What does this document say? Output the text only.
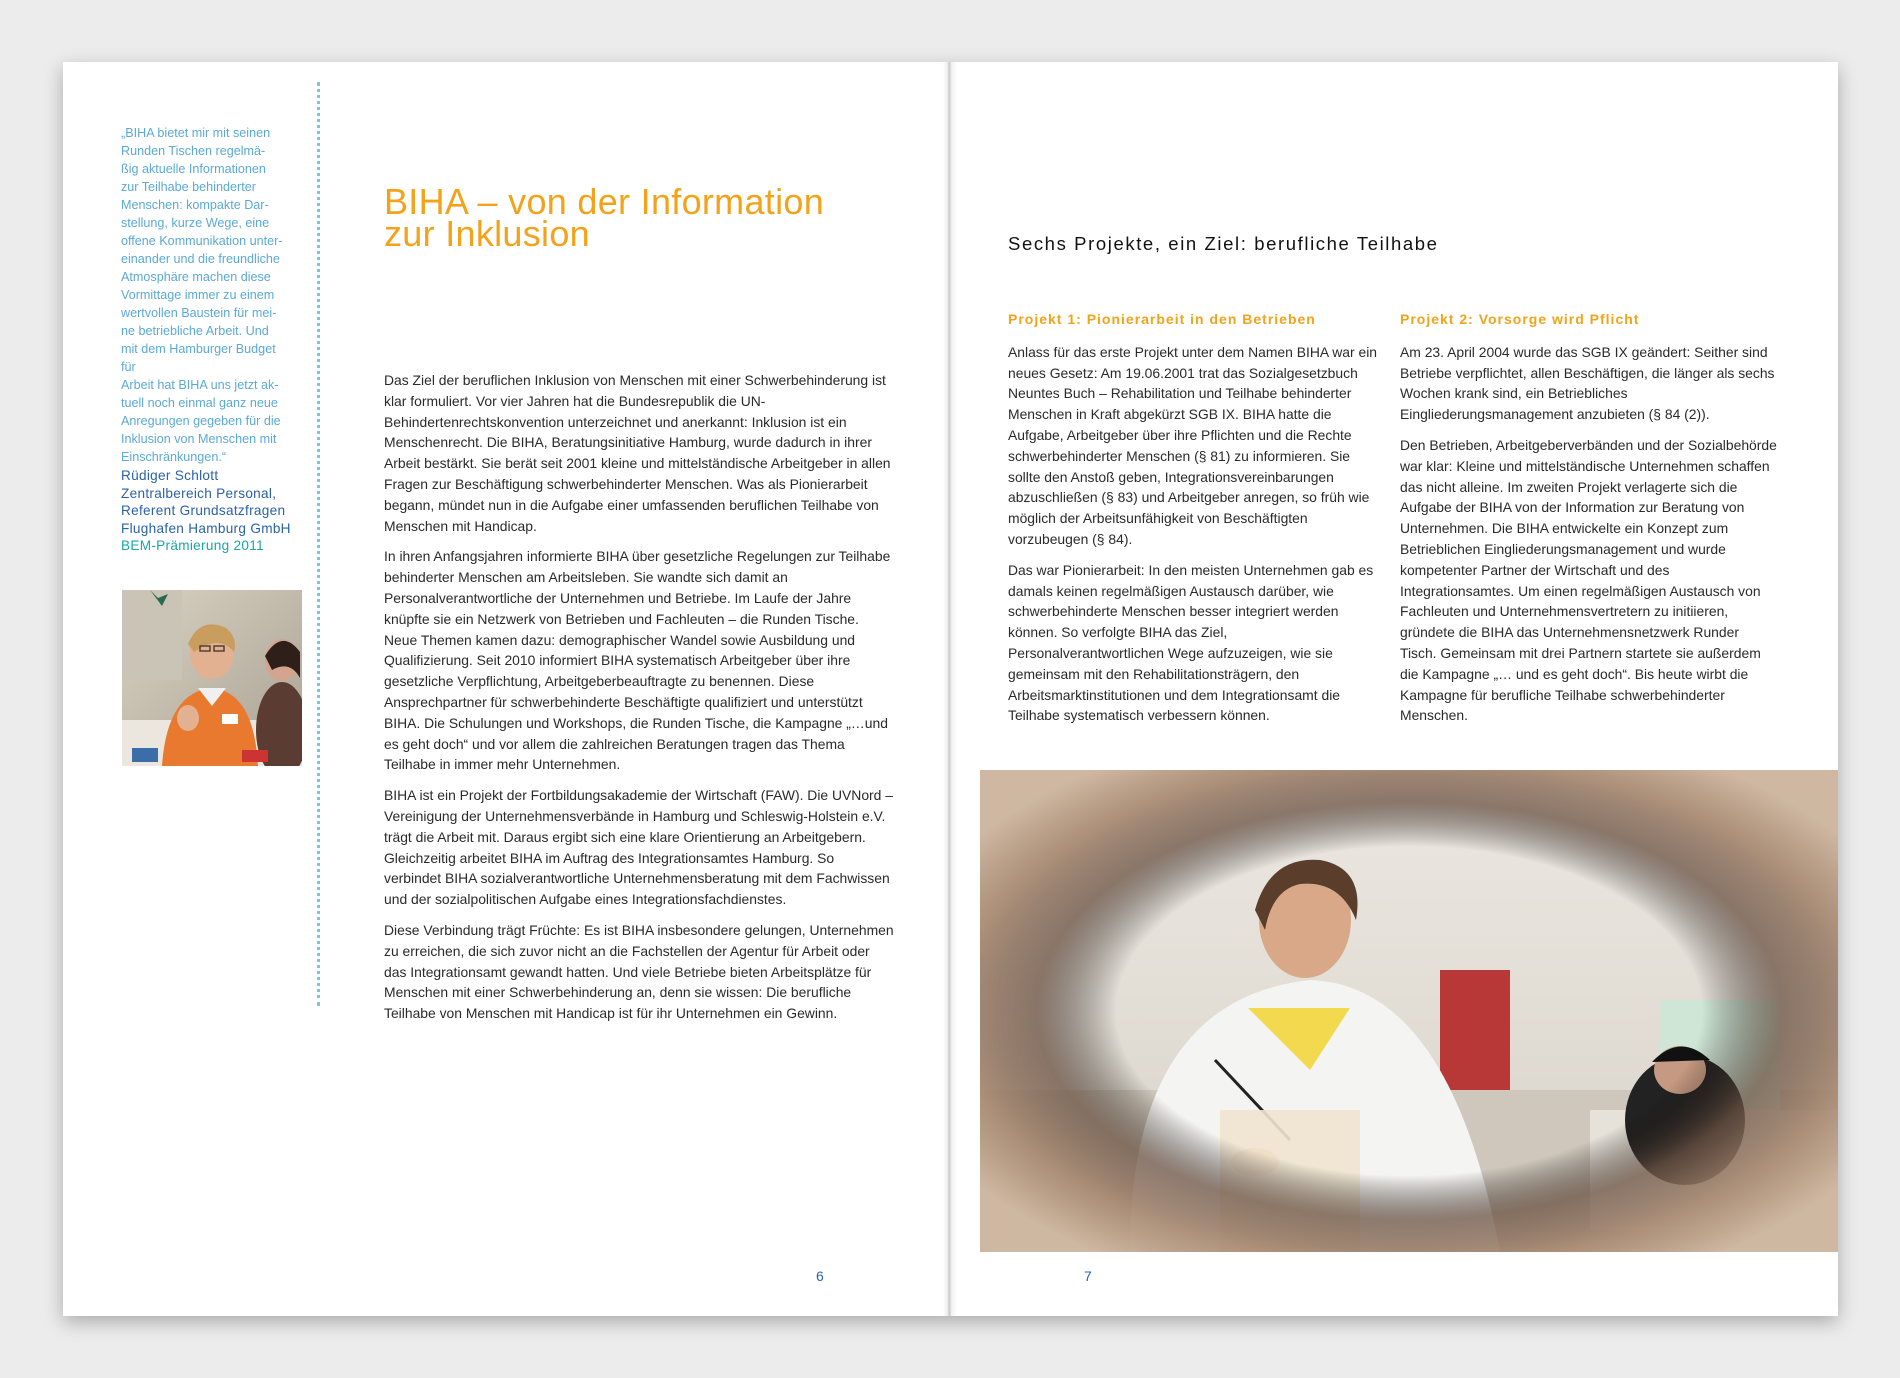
„BIHA bietet mir mit seinen

Runden Tischen regelmä-

ßig aktuelle Informationen

zur Teilhabe behinderter

Menschen: kompakte Dar-

stellung, kurze Wege, eine

offene Kommunikation unter-

einander und die freundliche

Atmosphäre machen diese

Vormittage immer zu einem

wertvollen Baustein für mei-

ne betriebliche Arbeit. Und

mit dem Hamburger Budget

für

Arbeit hat BIHA uns jetzt ak-

tuell noch einmal ganz neue

Anregungen gegeben für die

Inklusion von Menschen mit

Einschränkungen.“

Rüdiger Schlott
Zentralbereich Personal,
Referent Grundsatzfragen
Flughafen Hamburg GmbH
BEM-Prämierung 2011
BIHA – von der Information
zur Inklusion

Das Ziel der beruflichen Inklusion von Menschen mit einer Schwerbehinderung ist klar formuliert. Vor vier Jahren hat die Bundesrepublik die UN-Behindertenrechtskonvention unterzeichnet und anerkannt: Inklusion ist ein Menschenrecht. Die BIHA, Beratungsinitiative Hamburg, wurde dadurch in ihrer Arbeit bestärkt. Sie berät seit 2001 kleine und mittelständische Arbeitgeber in allen Fragen zur Beschäftigung schwerbehinderter Menschen. Was als Pionierarbeit begann, mündet nun in die Aufgabe einer umfassenden beruflichen Teilhabe von Menschen mit Handicap.

In ihren Anfangsjahren informierte BIHA über gesetzliche Regelungen zur Teilhabe behinderter Menschen am Arbeitsleben. Sie wandte sich damit an Personalverantwortliche der Unternehmen und Betriebe. Im Laufe der Jahre knüpfte sie ein Netzwerk von Betrieben und Fachleuten – die Runden Tische. Neue Themen kamen dazu: demographischer Wandel sowie Ausbildung und Qualifizierung. Seit 2010 informiert BIHA systematisch Arbeitgeber über ihre gesetzliche Verpflichtung, Arbeitgeberbeauftragte zu benennen. Diese Ansprechpartner für schwerbehinderte Beschäftigte qualifiziert und unterstützt BIHA. Die Schulungen und Workshops, die Runden Tische, die Kampagne „…und es geht doch“ und vor allem die zahlreichen Beratungen tragen das Thema Teilhabe in immer mehr Unternehmen.

BIHA ist ein Projekt der Fortbildungsakademie der Wirtschaft (FAW). Die UVNord – Vereinigung der Unternehmensverbände in Hamburg und Schleswig-Holstein e.V. trägt die Arbeit mit. Daraus ergibt sich eine klare Orientierung an Arbeitgebern. Gleichzeitig arbeitet BIHA im Auftrag des Integrationsamtes Hamburg. So verbindet BIHA sozialverantwortliche Unternehmensberatung mit dem Fachwissen und der sozialpolitischen Aufgabe eines Integrationsfachdienstes.

Diese Verbindung trägt Früchte: Es ist BIHA insbesondere gelungen, Unternehmen zu erreichen, die sich zuvor nicht an die Fachstellen der Agentur für Arbeit oder das Integrationsamt gewandt hatten. Und viele Betriebe bieten Arbeitsplätze für Menschen mit einer Schwerbehinderung an, denn sie wissen: Die berufliche Teilhabe von Menschen mit Handicap ist für ihr Unternehmen ein Gewinn.

6
Sechs Projekte, ein Ziel: berufliche Teilhabe
Projekt 1: Pionierarbeit in den Betrieben

Anlass für das erste Projekt unter dem Namen BIHA war ein neues Gesetz: Am 19.06.2001 trat das Sozialgesetzbuch Neuntes Buch – Rehabilitation und Teilhabe behinderter Menschen in Kraft abgekürzt SGB IX. BIHA hatte die Aufgabe, Arbeitgeber über ihre Pflichten und die Rechte schwerbehinderter Menschen (§ 81) zu informieren. Sie sollte den Anstoß geben, Integrationsvereinbarungen abzuschließen (§ 83) und Arbeitgeber anregen, so früh wie möglich der Arbeitsunfähigkeit von Beschäftigten vorzubeugen (§ 84).

Das war Pionierarbeit: In den meisten Unternehmen gab es damals keinen regelmäßigen Austausch darüber, wie schwerbehinderte Menschen besser integriert werden können. So verfolgte BIHA das Ziel, Personalverantwortlichen Wege aufzuzeigen, wie sie gemeinsam mit den Rehabilitationsträgern, den Arbeitsmarktinstitutionen und dem Integrationsamt die Teilhabe systematisch verbessern können.

Projekt 2: Vorsorge wird Pflicht

Am 23. April 2004 wurde das SGB IX geändert: Seither sind Betriebe verpflichtet, allen Beschäftigen, die länger als sechs Wochen krank sind, ein Betriebliches Eingliederungsmanagement anzubieten (§ 84 (2)).

Den Betrieben, Arbeitgeberverbänden und der Sozialbehörde war klar: Kleine und mittelständische Unternehmen schaffen das nicht alleine. Im zweiten Projekt verlagerte sich die Aufgabe der BIHA von der Information zur Beratung von Unternehmen. Die BIHA entwickelte ein Konzept zum Betrieblichen Eingliederungsmanagement und wurde kompetenter Partner der Wirtschaft und des Integrationsamtes. Um einen regelmäßigen Austausch von Fachleuten und Unternehmensvertretern zu initiieren, gründete die BIHA das Unternehmensnetzwerk Runder Tisch. Gemeinsam mit drei Partnern startete sie außerdem die Kampagne „… und es geht doch“. Bis heute wirbt die Kampagne für berufliche Teilhabe schwerbehinderter Menschen.

7
